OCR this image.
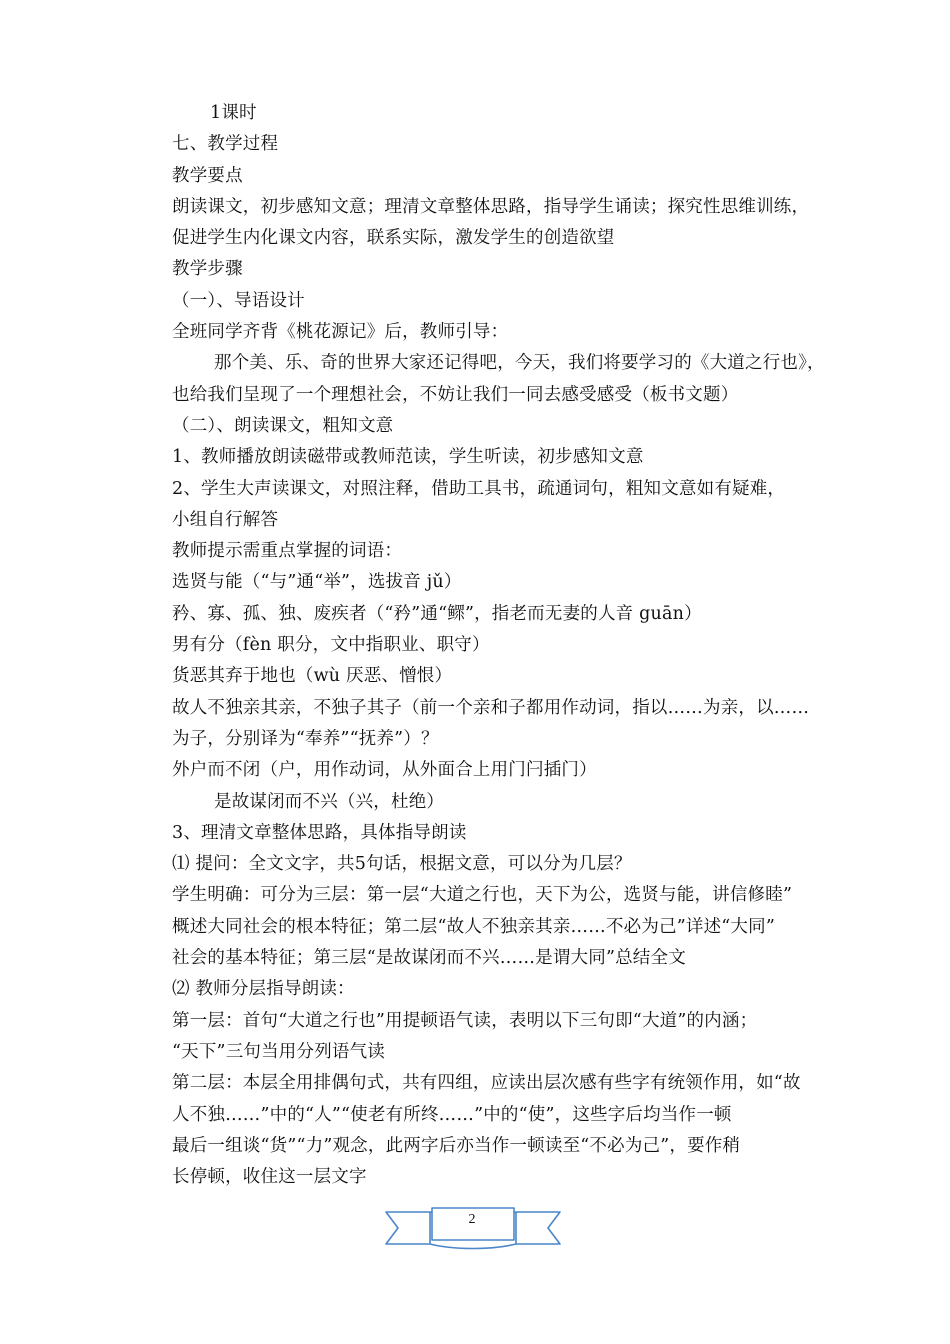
1课时
七、教学过程
教学要点
朗读课文，初步感知文意；理清文章整体思路，指导学生诵读；探究性思维训练，
促进学生内化课文内容，联系实际，激发学生的创造欲望
教学步骤
（一）、导语设计
全班同学齐背《桃花源记》后，教师引导：
那个美、乐、奇的世界大家还记得吧，今天，我们将要学习的《大道之行也》，
也给我们呈现了一个理想社会，不妨让我们一同去感受感受（板书文题）
（二）、朗读课文，粗知文意
1、教师播放朗读磁带或教师范读，学生听读，初步感知文意
2、学生大声读课文，对照注释，借助工具书，疏通词句，粗知文意如有疑难，
小组自行解答
教师提示需重点掌握的词语：
选贤与能（“与”通“举”，选拔音 jǔ）
矜、寡、孤、独、废疾者（“矜”通“鳏”，指老而无妻的人音 guān）
男有分（fèn 职分，文中指职业、职守）
货恶其弃于地也（wù 厌恶、憎恨）
故人不独亲其亲，不独子其子（前一个亲和子都用作动词，指以……为亲，以……
为子，分别译为“奉养”“抚养”）？
外户而不闭（户，用作动词，从外面合上用门闩插门）
是故谋闭而不兴（兴，杜绝）
3、理清文章整体思路，具体指导朗读
⑴ 提问：全文文字，共5句话，根据文意，可以分为几层？
学生明确：可分为三层：第一层“大道之行也，天下为公，选贤与能，讲信修睦”
概述大同社会的根本特征；第二层“故人不独亲其亲……不必为己”详述“大同”
社会的基本特征；第三层“是故谋闭而不兴……是谓大同”总结全文
⑵ 教师分层指导朗读：
第一层：首句“大道之行也”用提顿语气读，表明以下三句即“大道”的内涵；
“天下”三句当用分列语气读
第二层：本层全用排偶句式，共有四组，应读出层次感有些字有统领作用，如“故
人不独……”中的“人”“使老有所终……”中的“使”，这些字后均当作一顿
最后一组谈“货”“力”观念，此两字后亦当作一顿读至“不必为己”，要作稍
长停顿，收住这一层文字
2
